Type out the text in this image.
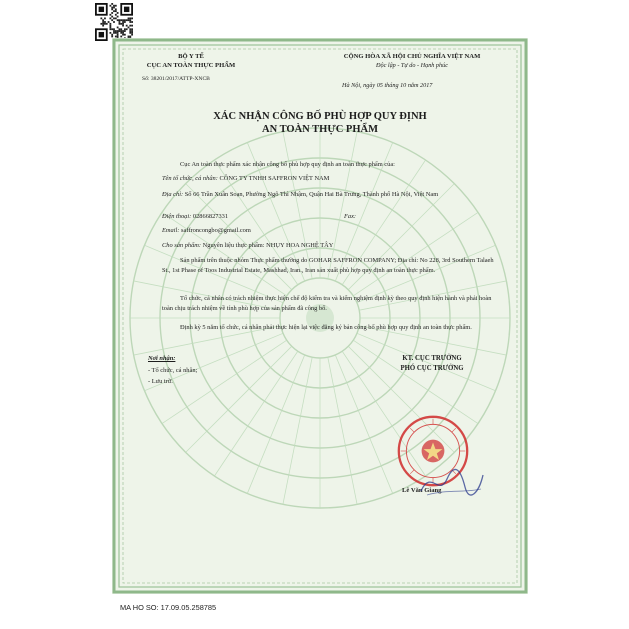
BỘ Y TẾ
CỤC AN TOÀN THỰC PHẨM
Số: 38201/2017/ATTP-XNCB
CỘNG HÒA XÃ HỘI CHỦ NGHĨA VIỆT NAM
Độc lập - Tự do - Hạnh phúc
Hà Nội, ngày 05 tháng 10 năm 2017
XÁC NHẬN CÔNG BỐ PHÙ HỢP QUY ĐỊNH
AN TOÀN THỰC PHẨM
Cục An toàn thực phẩm xác nhận công bố phù hợp quy định an toàn thực phẩm của:
Tên tổ chức, cá nhân: CÔNG TY TNHH SAFFRON VIỆT NAM
Địa chỉ: Số 66 Trần Xuân Soạn, Phường Ngô Thì Nhậm, Quận Hai Bà Trưng, Thành phố Hà Nội, Việt Nam
Điện thoại: 02866827331	Fax:
Email: saffroncongbo@gmail.com
Cho sản phẩm: Nguyên liệu thực phẩm: NHỤY HOA NGHỆ TÂY
Sản phẩm trên thuộc nhóm Thực phẩm thường do GOHAR SAFFRON COMPANY; Địa chỉ: No 228, 3rd Southern Talaeh St., 1st Phase of Toos Industrial Estate, Mashhad, Iran., Iran sản xuất phù hợp quy định an toàn thực phẩm.
Tổ chức, cá nhân có trách nhiệm thực hiện chế độ kiểm tra và kiểm nghiệm định kỳ theo quy định hiện hành và phải hoàn toàn chịu trách nhiệm về tính phù hợp của sản phẩm đã công bố.
Định kỳ 5 năm tổ chức, cá nhân phải thực hiện lại việc đăng ký bản công bố phù hợp quy định an toàn thực phẩm.
Nơi nhận:
- Tổ chức, cá nhân;
- Lưu trữ.
KT. CỤC TRƯỞNG
PHÓ CỤC TRƯỞNG
Lê Văn Giang
MA HO SO: 17.09.05.258785
